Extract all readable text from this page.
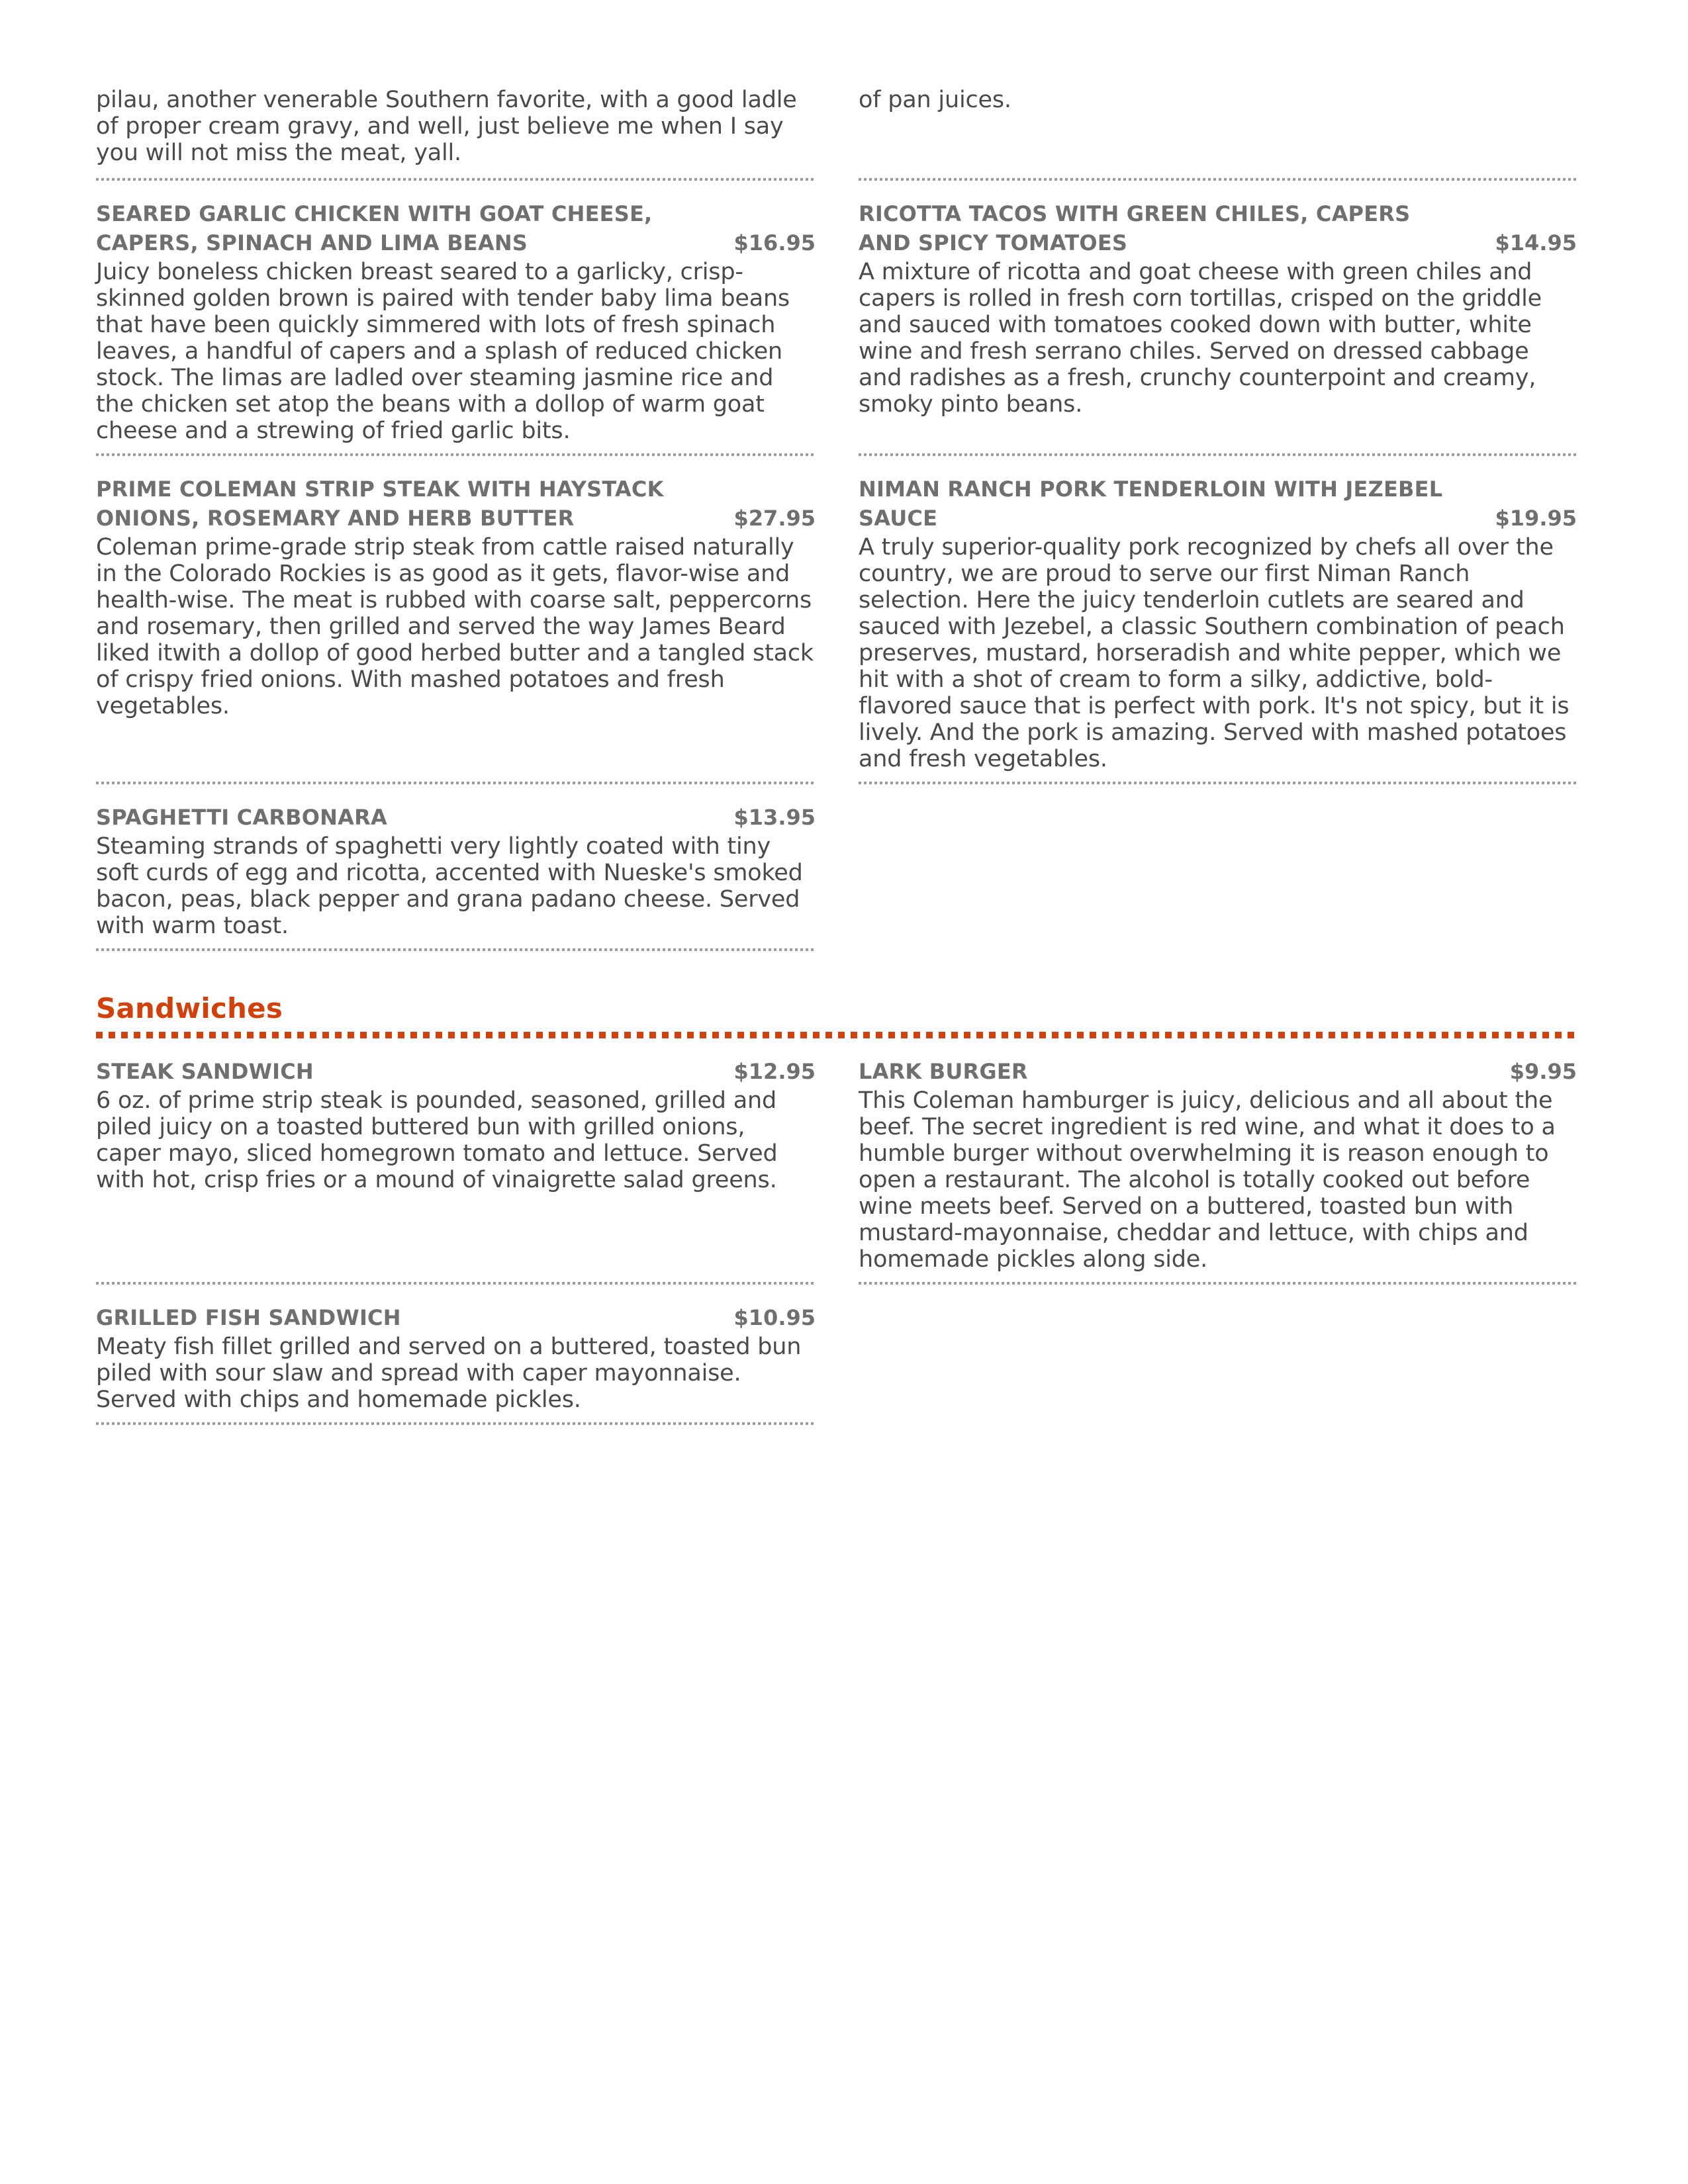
pilau, another venerable Southern favorite, with a good ladle of proper cream gravy, and well, just believe me when I say you will not miss the meat, yall.

of pan juices.

SEARED GARLIC CHICKEN WITH GOAT CHEESE, CAPERS, SPINACH AND LIMA BEANS	$16.95

Juicy boneless chicken breast seared to a garlicky, crisp-skinned golden brown is paired with tender baby lima beans that have been quickly simmered with lots of fresh spinach leaves, a handful of capers and a splash of reduced chicken stock. The limas are ladled over steaming jasmine rice and the chicken set atop the beans with a dollop of warm goat cheese and a strewing of fried garlic bits.

RICOTTA TACOS WITH GREEN CHILES, CAPERS AND SPICY TOMATOES	$14.95

A mixture of ricotta and goat cheese with green chiles and capers is rolled in fresh corn tortillas, crisped on the griddle and sauced with tomatoes cooked down with butter, white wine and fresh serrano chiles. Served on dressed cabbage and radishes as a fresh, crunchy counterpoint and creamy, smoky pinto beans.

PRIME COLEMAN STRIP STEAK WITH HAYSTACK ONIONS, ROSEMARY AND HERB BUTTER	$27.95

Coleman prime-grade strip steak from cattle raised naturally in the Colorado Rockies is as good as it gets, flavor-wise and health-wise. The meat is rubbed with coarse salt, peppercorns and rosemary, then grilled and served the way James Beard liked itwith a dollop of good herbed butter and a tangled stack of crispy fried onions. With mashed potatoes and fresh vegetables.

NIMAN RANCH PORK TENDERLOIN WITH JEZEBEL SAUCE	$19.95

A truly superior-quality pork recognized by chefs all over the country, we are proud to serve our first Niman Ranch selection. Here the juicy tenderloin cutlets are seared and sauced with Jezebel, a classic Southern combination of peach preserves, mustard, horseradish and white pepper, which we hit with a shot of cream to form a silky, addictive, bold-flavored sauce that is perfect with pork. It's not spicy, but it is lively. And the pork is amazing. Served with mashed potatoes and fresh vegetables.

SPAGHETTI CARBONARA	$13.95

Steaming strands of spaghetti very lightly coated with tiny soft curds of egg and ricotta, accented with Nueske's smoked bacon, peas, black pepper and grana padano cheese. Served with warm toast.

Sandwiches
STEAK SANDWICH	$12.95

6 oz. of prime strip steak is pounded, seasoned, grilled and piled juicy on a toasted buttered bun with grilled onions, caper mayo, sliced homegrown tomato and lettuce. Served with hot, crisp fries or a mound of vinaigrette salad greens.

LARK BURGER	$9.95

This Coleman hamburger is juicy, delicious and all about the beef. The secret ingredient is red wine, and what it does to a humble burger without overwhelming it is reason enough to open a restaurant. The alcohol is totally cooked out before wine meets beef. Served on a buttered, toasted bun with mustard-mayonnaise, cheddar and lettuce, with chips and homemade pickles along side.

GRILLED FISH SANDWICH	$10.95

Meaty fish fillet grilled and served on a buttered, toasted bun piled with sour slaw and spread with caper mayonnaise. Served with chips and homemade pickles.
